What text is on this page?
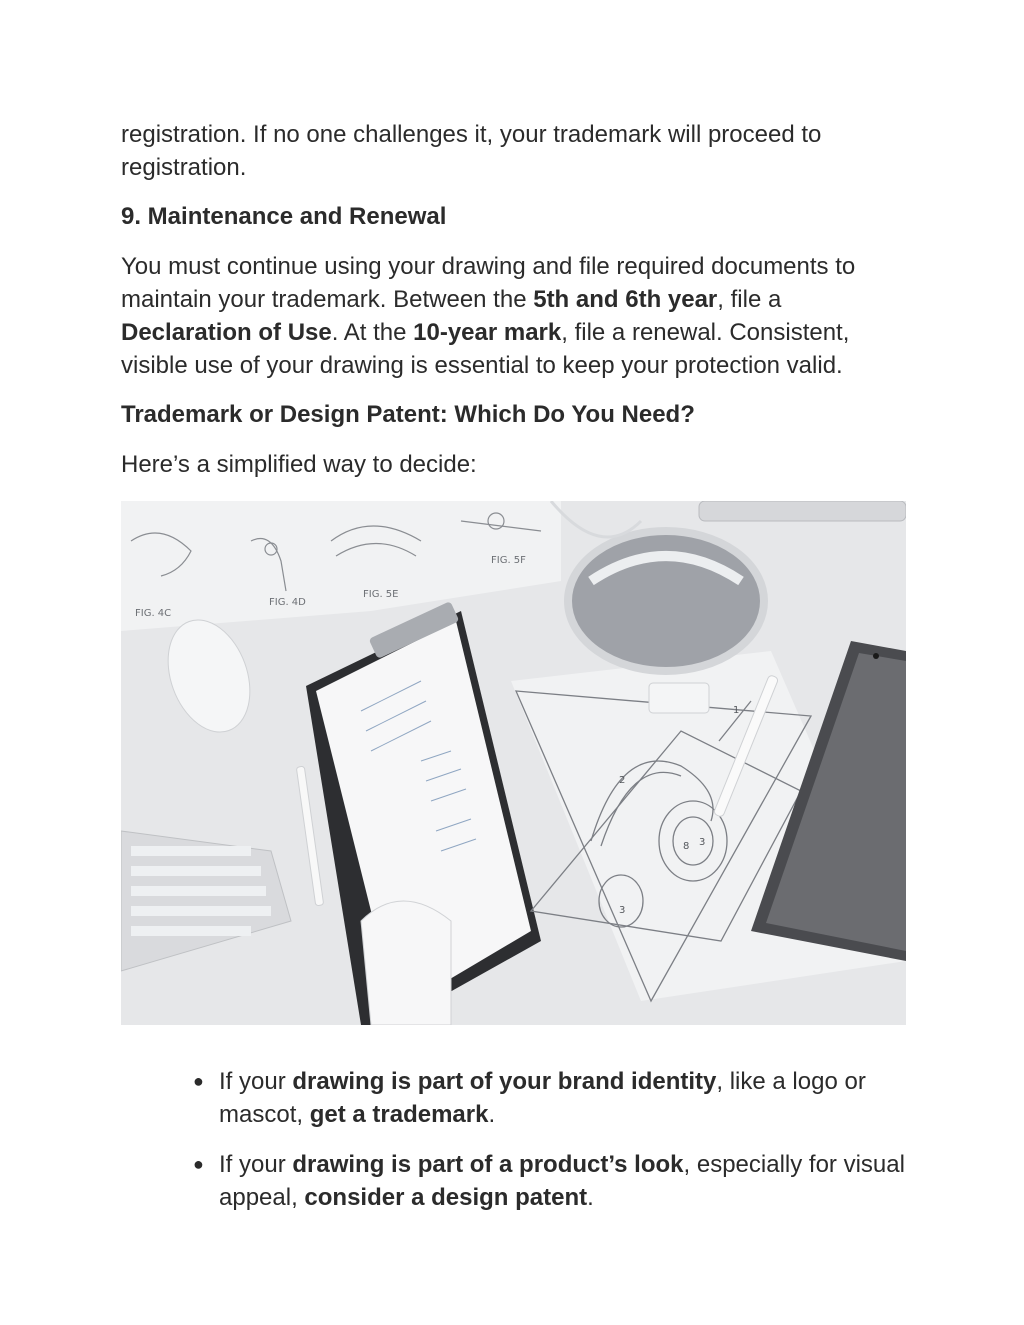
registration. If no one challenges it, your trademark will proceed to registration.

9. Maintenance and Renewal

You must continue using your drawing and file required documents to maintain your trademark. Between the 5th and 6th year, file a Declaration of Use. At the 10-year mark, file a renewal. Consistent, visible use of your drawing is essential to keep your protection valid.

Trademark or Design Patent: Which Do You Need?

Here’s a simplified way to decide:

FIG. 4C
FIG. 4D
FIG. 5E
FIG. 5F
2
1
8 3
3
● If your drawing is part of your brand identity, like a logo or mascot, get a trademark.
● If your drawing is part of a product’s look, especially for visual appeal, consider a design patent.
